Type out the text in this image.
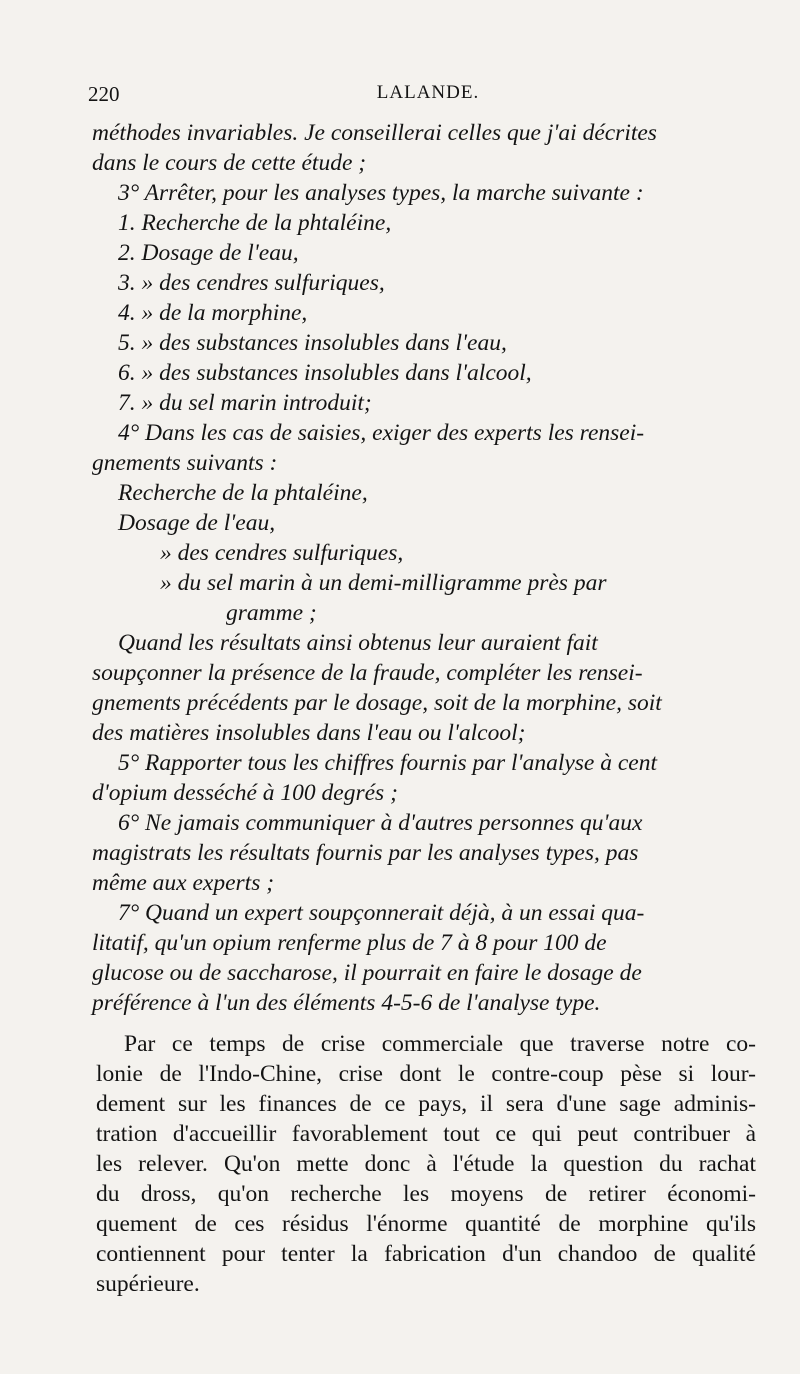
220	LALANDE.
méthodes invariables. Je conseillerai celles que j'ai décrites
dans le cours de cette étude ;
3° Arrêter, pour les analyses types, la marche suivante :
1. Recherche de la phtaléine,
2. Dosage de l'eau,
3. » des cendres sulfuriques,
4. » de la morphine,
5. » des substances insolubles dans l'eau,
6. » des substances insolubles dans l'alcool,
7. » du sel marin introduit;
4° Dans les cas de saisies, exiger des experts les rensei-
gnements suivants :
Recherche de la phtaléine,
Dosage de l'eau,
» des cendres sulfuriques,
» du sel marin à un demi-milligramme près par
gramme ;
Quand les résultats ainsi obtenus leur auraient fait
soupçonner la présence de la fraude, compléter les rensei-
gnements précédents par le dosage, soit de la morphine, soit
des matières insolubles dans l'eau ou l'alcool;
5° Rapporter tous les chiffres fournis par l'analyse à cent
d'opium desséché à 100 degrés ;
6° Ne jamais communiquer à d'autres personnes qu'aux
magistrats les résultats fournis par les analyses types, pas
même aux experts ;
7° Quand un expert soupçonnerait déjà, à un essai qua-
litatif, qu'un opium renferme plus de 7 à 8 pour 100 de
glucose ou de saccharose, il pourrait en faire le dosage de
préférence à l'un des éléments 4-5-6 de l'analyse type.
Par ce temps de crise commerciale que traverse notre co-
lonie de l'Indo-Chine, crise dont le contre-coup pèse si lour-
dement sur les finances de ce pays, il sera d'une sage adminis-
tration d'accueillir favorablement tout ce qui peut contribuer à
les relever. Qu'on mette donc à l'étude la question du rachat
du dross, qu'on recherche les moyens de retirer économi-
quement de ces résidus l'énorme quantité de morphine qu'ils
contiennent pour tenter la fabrication d'un chandoo de qualité
supérieure.
